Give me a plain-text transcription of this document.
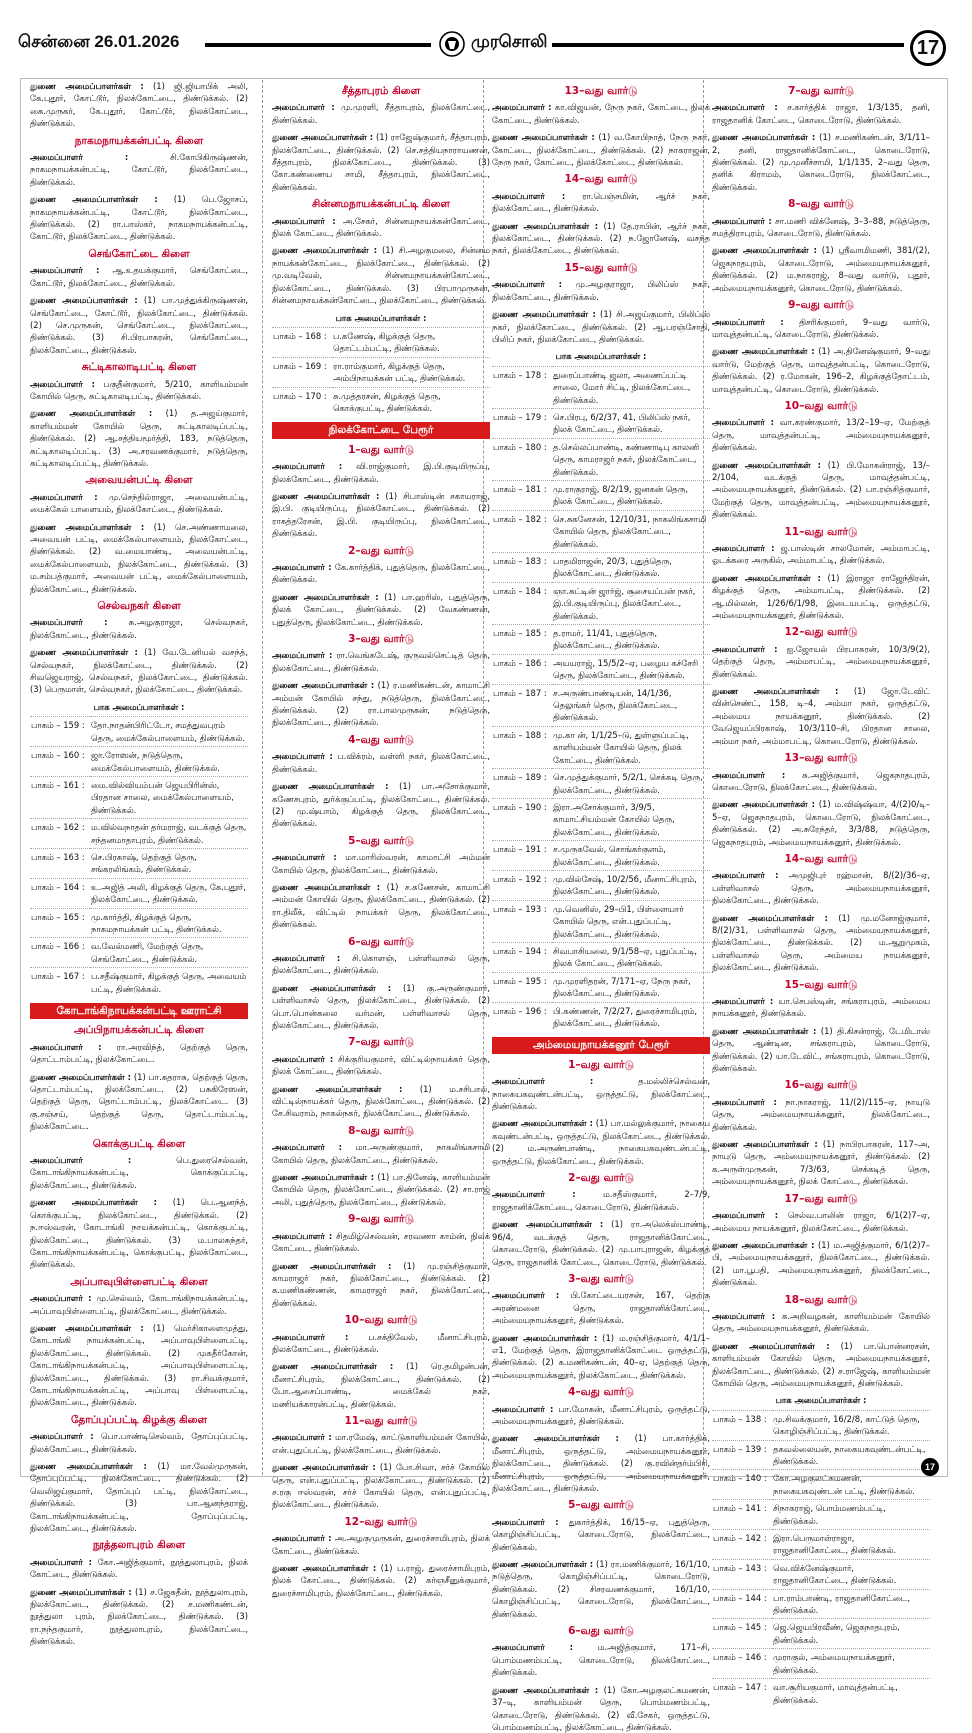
சென்னை 26.01.2026	முரசொலி	17

துணை அமைப்பாளர்கள் : (1) ஜி.ஜியாபிக் அலி, கே.புதூர், கோட்டூர், நிலக்கோட்டை, திண்டுக்கல். (2) கை.முருகர், கே.புதூர், கோட்டூர், நிலக்கோட்டை, திண்டுக்கல்.

நாகமநாயக்கன்பட்டி கிளை

அமைப்பாளர் :	சி.கோபிகிருஷ்ணன், நாகமநாயக்கன்பட்டி, கோட்டூர், நிலக்கோட்டை, திண்டுக்கல்.

துணை அமைப்பாளர்கள் : (1) பெ.ஜோசப், நாகமநாயக்கன்பட்டி, கோட்டூர், நிலக்கோட்டை, திண்டுக்கல். (2) ரா.பாஸ்கர், நாகமநாயக்கன்பட்டி, கோட்டூர், நிலக்கோட்டை, திண்டுக்கல்.

செங்கோட்டை கிளை

அமைப்பாளர் : ஆ.உதயக்குமார், செங்கோட்டை, கோட்டூர், நிலக்கோட்டை, திண்டுக்கல்.

துணை அமைப்பாளர்கள் : (1) பா.முத்துக்கிருஷ்ணன், செங்கோட்டை, கோட்டூர், நிலக்கோட்டை, திண்டுக்கல். (2) செ.முருகன், செங்கோட்டை, நிலக்கோட்டை, திண்டுக்கல். (3) சி.பிரபாகரன், செங்கோட்டை, நிலக்கோட்டை, திண்டுக்கல்.

சுட்டிகாலாடிபட்டி கிளை

அமைப்பாளர் : பகுதீன்குமார், 5/210, காளியம்மன் கோயில் தெரு, சுட்டிகாலடிபட்டி, திண்டுக்கல்.

துணை அமைப்பாளர்கள் : (1) த.அஜய்குமார், காளியம்மன் கோயில் தெரு, சுட்டிகாலடிப்பட்டி, திண்டுக்கல். (2) ஆ.சத்தியமூர்த்தி, 183, நடுத்தெரு, சுட்டிகாலடிப்பட்டி. (3) அ.சரவணக்குமார், நடுத்தெரு, சுட்டிகாலடிப்பட்டி, திண்டுக்கல்.

அவையன்பட்டி கிளை

அமைப்பாளர் : மு.செந்தில்ராஜா, அவையன்பட்டி, மைக்கேல் பாளையம், நிலக்கோட்டை, திண்டுக்கல்.

துணை அமைப்பாளர்கள் : (1) செ.அண்ணாமலை, அவையன் பட்டி, மைக்கேல்பாளையம், நிலக்கோட்டை, திண்டுக்கல். (2) வ.மையாண்டி, அவையன்பட்டி, மைக்கேல்பாளையம், நிலக்கோட்டை, திண்டுக்கல். (3) ம.சம்பத்குமார், அவையன் பட்டி, மைக்கேல்பாளையம், நிலக்கோட்டை, திண்டுக்கல்.

செல்வநகர் கிளை

அமைப்பாளர் :	சு.அழகுராஜா, செல்வநகர், நிலக்கோட்டை, திண்டுக்கல்.

துணை அமைப்பாளர்கள் : (1) வே.டேனியல் வசந்த், செல்வநகர், நிலக்கோட்டை, திண்டுக்கல். (2) சிவஜெயராஜ், செல்வநகர், நிலக்கோட்டை, திண்டுக்கல். (3) பெருமாள், செல்வநகர், நிலக்கோட்டை, திண்டுக்கல்.

பாக அமைப்பாளர்கள் :
பாகம் – 159 :	தோ.நாதன்பிரிட்டோ, சமத்துவபுரம் தெரு, மைக்கேல்பாளையம், திண்டுக்கல்.
பாகம் – 160 :	ஜா.ரோஸன், நடுத்தெரு, மைக்கேல்பாளையம், திண்டுக்கல்.
பாகம் – 161 :	மை.வில்வியம்பன் ஜெயபிரின்ஸ், பிரதான சாலை, மைக்கேல்பாளையம், திண்டுக்கல்.
பாகம் – 162 :	ம.வில்வநாதன் தர்மராஜ், வடக்குத் தெரு, சந்தனமாதாபுரம், திண்டுக்கல்.
பாகம் – 163 :	செ.பிரகாஷ், தெற்குத் தெரு, சங்கரலிங்கம், திண்டுக்கல்.
பாகம் – 164 :	உ.அஜித் அலி, கிழக்குத் தெரு, கே.புதூர், நிலக்கோட்டை, திண்டுக்கல்.
பாகம் – 165 :	மு.கார்த்தி, கிழக்குத் தெரு, நாகமநாயக்கன் பட்டி, திண்டுக்கல்.
பாகம் – 166 :	வ.வேல்மணி, மேற்குத் தெரு, செங்கோட்டை, திண்டுக்கல்.
பாகம் – 167 :	ப.சதீஷ்குமார், கிழக்குத் தெரு, அவையம் பட்டி, திண்டுக்கல்.
கோடாங்கிநாயக்கன்பட்டி ஊராட்சி
அப்பிநாயக்கன்பட்டி கிளை

அமைப்பாளர் : ரா.அரவிந்த், தெற்குத் தெரு, தொட்டாம்பட்டி, நிலக்கோட்டை.

துணை அமைப்பாளர்கள் : (1) பா.கதராசு, தெற்குத் தெரு, தொட்டாம்பட்டி, நிலக்கோட்டை. (2) பசுகிரேஸன், தெற்குத் தெரு, தொட்டாம்பட்டி, நிலக்கோட்டை. (3) கு.சஞ்சய், தெற்குத் தெரு, தொட்டாம்பட்டி, நிலக்கோட்டை.

கொக்குபட்டி கிளை

அமைப்பாளர் :	பெ.துரைசெல்வன், கோடாங்கிநாயக்கன்பட்டி, கொக்குப்பட்டி, நிலக்கோட்டை, திண்டுக்கல்.

துணை அமைப்பாளர்கள் : (1) பெ.ஆனந்த், கொக்குபட்டி, நிலக்கோட்டை, திண்டுக்கல். (2) ந.ஈஸ்வரன், கோடாங்கி நாயக்கன்பட்டி, கொக்குபட்டி, நிலக்கோட்டை, திண்டுக்கல். (3) ம.பாலசுந்தர், கோடாங்கிநாயக்கன்பட்டி, கொக்குபட்டி, நிலக்கோட்டை, திண்டுக்கல்.

அப்பாவுபிள்ளைபட்டி கிளை

அமைப்பாளர் : மு.செல்வம், கோடாங்கிநாயக்கன்பட்டி, அப்பாவுபிள்ளைபட்டி, நிலக்கோட்டை, திண்டுக்கல்.

துணை அமைப்பாளர்கள் : (1) மெர்சிகாளைமுத்து, கோடாங்கி நாயக்கன்பட்டி, அப்பாவுபிள்ளைபட்டி, நிலக்கோட்டை, திண்டுக்கல். (2) முகதீர்கோன், கோடாங்கிநாயக்கன்பட்டி, அப்பாவுபிள்ளைபட்டி, நிலக்கோட்டை, திண்டுக்கல். (3) ரா.சிவக்குமார், கோடாங்கிநாயக்கன்பட்டி, அப்பாவு பிள்ளைபட்டி, நிலக்கோட்டை, திண்டுக்கல்.

தோப்புப்பட்டி கிழக்கு கிளை

அமைப்பாளர் : பொ.பாண்டிசெல்வம், தோப்புப்பட்டி, நிலக்கோட்டை, திண்டுக்கல்.

துணை அமைப்பாளர்கள் : (1) மா.வேல்முருகன், தோப்புப்பட்டி, நிலக்கோட்டை, திண்டுக்கல். (2) வெலிஜய்குமார், தோப்புப் பட்டி, நிலக்கோட்டை, திண்டுக்கல். (3) பா.ஆனந்தராஜ், கோடாங்கிநாயக்கன்பட்டி, தோப்புப்பட்டி, நிலக்கோட்டை, திண்டுக்கல்.

நூத்தலாபுரம் கிளை

அமைப்பாளர் : கோ.அஜித்குமார், நூத்துலாபுரம், நிலக் கோட்டை, திண்டுக்கல்.

துணை அமைப்பாளர்கள் : (1) ச.ஜேசுதீன், நூத்துலாபுரம், நிலக்கோட்டை, திண்டுக்கல். (2) ச.மணிகண்டன், நூத்துலா புரம், நிலக்கோட்டை, திண்டுக்கல். (3) ரா.நந்தகுமார், நூத்துலாபுரம், நிலக்கோட்டை, திண்டுக்கல்.

சீத்தாபுரம் கிளை

அமைப்பாளர் : மு.முரளி, சீத்தாபுரம், நிலக்கோட்டை, திண்டுக்கல்.

துணை அமைப்பாளர்கள் : (1) ராஜேஷ்குமார், சீத்தாபுரம், நிலக்கோட்டை, திண்டுக்கல். (2) செ.சத்தியநாராயணன், சீத்தாபுரம், நிலக்கோட்டை, திண்டுக்கல். (3) கோ.கண்ணைய சாமி, சீத்தாபுரம், நிலக்கோட்டை, திண்டுக்கல்.

சின்னமநாயக்கன்பட்டி கிளை

அமைப்பாளர் : அ.சேகர், சின்னமநாயக்கன்கோட்டை, நிலக் கோட்டை, திண்டுக்கல்.

துணை அமைப்பாளர்கள் : (1) சி.அழகுமலை, சின்னம நாயக்கன்கோட்டை, நிலக்கோட்டை, திண்டுக்கல். (2) மு.வடிவேல், சின்னமநாயக்கன்கோட்டை, நிலக்கோட்டை, திண்டுக்கல். (3) பிரபாமுருகன், சின்னமநாயக்கன்கோட்டை, நிலக்கோட்டை, திண்டுக்கல்.

பாக அமைப்பாளர்கள் :
பாகம் – 168 :	ப.கணேஷ், கிழக்குத் தெரு, தொட்டம்பட்டி, திண்டுக்கல்.
பாகம் – 169 :	ரா.ராம்குமார், கிழக்குத் தெரு, அம்பிநாயக்கன் பட்டி, திண்டுக்கல்.
பாகம் – 170 :	சு.முத்தரசன், கிழக்குத் தெரு, கொக்குபட்டி, திண்டுக்கல்.
நிலக்கோட்டை பேரூர்
1–வது வார்டு

அமைப்பாளர் : வி.ராஜ்குமார், இ.பி.குடியிருப்பு, நிலக்கோட்டை, திண்டுக்கல்.

துணை அமைப்பாளர்கள் : (1) சிபாஸ்டின் சகாயராஜ், இ.பி. குடியிருப்பு, நிலக்கோட்டை, திண்டுக்கல். (2) ராகத்தரேசன், இ.பி. குடியிருப்பு, நிலக்கோட்டை, திண்டுக்கல்.

2–வது வார்டு

அமைப்பாளர் : கே.கார்த்திக், புதுத்தெரு, நிலக்கோட்டை, திண்டுக்கல்.

துணை அமைப்பாளர்கள் : (1) பா.ஹரிஸ், புதுத்தெரு, நிலக் கோட்டை, திண்டுக்கல். (2) வேகண்ணன், புதுத்தெரு, நிலக்கோட்டை, திண்டுக்கல்.

3–வது வார்டு

அமைப்பாளர் : ரா.வெங்கடேஷ், குருவல்செட்டித் தெரு, நிலக்கோட்டை, திண்டுக்கல்.

துணை அமைப்பாளர்கள் : (1) ர.மணிகண்டன், காமாட்சி அம்மன் கோயில் சந்து, நடுத்தெரு, நிலக்கோட்டை, திண்டுக்கல். (2) ரா.பாலமுருகன், நடுத்தெரு, நிலக்கோட்டை, திண்டுக்கல்.

4–வது வார்டு

அமைப்பாளர் : ப.விக்ரம், வள்ளி நகர், நிலக்கோட்டை, திண்டுக்கல்.

துணை அமைப்பாளர்கள் : (1) பா.அசோக்குமார், கணேசபுரம், துர்க்குப்பட்டி, நிலக்கோட்டை, திண்டுக்கல். (2) மு.ஷ்யாம், கிழக்குத் தெரு, நிலக்கோட்டை, திண்டுக்கல்.

5–வது வார்டு

அமைப்பாளர் : மா.மாரிஸ்வரன், காமாட்சி அம்மன் கோயில் தெரு, நிலக்கோட்டை, திண்டுக்கல்.

துணை அமைப்பாளர்கள் : (1) ச.கணேசன், காமாட்சி அம்மன் கோயில் தெரு, நிலக்கோட்டை, திண்டுக்கல். (2) ரா.திலீக், விட்டில் நாயக்கர் தெரு, நிலக்கோட்டை, திண்டுக்கல்.

6–வது வார்டு

அமைப்பாளர் : சி.கொளஞ், பள்ளிவாசல் தெரு, நிலக்கோட்டை, திண்டுக்கல்.

துணை அமைப்பாளர்கள் : (1) கு.அருண்குமார், பள்ளிவாசல் தெரு, நிலக்கோட்டை, திண்டுக்கல். (2) பொ.பொன்கலை வர்மன், பள்ளிவாசல் தெரு, நிலக்கோட்டை, திண்டுக்கல்.

7–வது வார்டு

அமைப்பாளர் : சிக்குரியகுமார், விட்டில்நாயக்கர் தெரு, நிலக் கோட்டை, திண்டுக்கல்.

துணை அமைப்பாளர்கள் : (1) ம.சசிபால், விட்டில்நாயக்கர் தெரு, நிலக்கோட்டை, திண்டுக்கல். (2) சே.சிவராம், நாகல்நகர், நிலக்கோட்டை, திண்டுக்கல்.

8–வது வார்டு

அமைப்பாளர் : மா.அருண்குமார், நாகலிங்கசாமி கோயில் தெரு, நிலக்கோட்டை, திண்டுக்கல்.

துணை அமைப்பாளர்கள் : (1) பா.தினேஷ், காளியம்மன் கோயில் தெரு, நிலக்கோட்டை, திண்டுக்கல். (2) சா.ராஜ் அலி, புதுத்தெரு, நிலக்கோட்டை, திண்டுக்கல்.

9–வது வார்டு

அமைப்பாளர் : சிதமிழ்செல்வன், சரவணா காம்ன், நிலக் கோட்டை, திண்டுக்கல்.

துணை அமைப்பாளர்கள் : (1) மு.ரஞ்சித்குமார், காமராஜர் நகர், நிலக்கோட்டை, திண்டுக்கல். (2) க.மணிகண்ணன், காமராஜர் நகர், நிலக்கோட்டை, திண்டுக்கல்.

10–வது வார்டு

அமைப்பாளர் : ப.சக்திவேல், மீனாட்சிபுரம், நிலக்கோட்டை, திண்டுக்கல்.

துணை அமைப்பாளர்கள் : (1) ரெ.தமிழன்பன், மீனாட்சிபுரம், நிலக்கோட்டை, திண்டுக்கல். (2) போ.ஆசைப்பாண்டி, மைக்கேல் நகர், மணியக்காரன்பட்டி, திண்டுக்கல்.

11–வது வார்டு

அமைப்பாளர் : மா.ரமேஷ், காட்டுகாளியம்மன் கோயில், என்.புதுப்பட்டி, நிலக்கோட்டை, திண்டுக்கல்.

துணை அமைப்பாளர்கள் : (1) போ.சிவா, சர்ச் கோயில் தெரு, என்.புதுப்பட்டி, நிலக்கோட்டை, திண்டுக்கல். (2) ச.ரகு ஈஸ்வரன், சர்ச் கோயில் தெரு, என்.புதுப்பட்டி, நிலக்கோட்டை, திண்டுக்கல்.

12–வது வார்டு

அமைப்பாளர் : அ.அழகுமுருகன், துரைச்சாமிபுரம், நிலக் கோட்டை, திண்டுக்கல்.

துணை அமைப்பாளர்கள் : (1) ப.ராஜ், துரைச்சாமிபுரம், நிலக் கோட்டை, திண்டுக்கல். (2) கர்ஞசீனுக்குமார், துரைச்சாமிபுரம், நிலக்கோட்டை, திண்டுக்கல்.

13–வது வார்டு

அமைப்பாளர் : கா.விஜயன், நேரு நகர், கோட்டை, நிலக் கோட்டை, திண்டுக்கல்.

துணை அமைப்பாளர்கள் : (1) வ.கோபிநாத், நேரு நகர், கோட்டை, நிலக்கோட்டை, திண்டுக்கல். (2) நாகராஜன், நேரு நகர், கோட்டை, நிலக்கோட்டை, திண்டுக்கல்.

14–வது வார்டு

அமைப்பாளர் : ரா.பெஞ்சமின், ஆர்ச் நகர், நிலக்கோட்டை, திண்டுக்கல்.

துணை அமைப்பாளர்கள் : (1) தே.ராபின், ஆர்ச் நகர், நிலக்கோட்டை, திண்டுக்கல். (2) ந.ஜோனேஷ், வசந்த நகர், நிலக்கோட்டை, திண்டுக்கல்.

15–வது வார்டு

அமைப்பாளர் : மு.அழகுராஜா, பிலிப்ஸ் நகர், நிலக்கோட்டை, திண்டுக்கல்.

துணை அமைப்பாளர்கள் : (1) சி.அஜய்குமார், பிலிப்ஸ் நகர், நிலக்கோட்டை, திண்டுக்கல். (2) ஆ.பரஞ்சோதி, பிலிப் நகர், நிலக்கோட்டை, திண்டுக்கல்.

பாக அமைப்பாளர்கள் :
பாகம் – 178 :	துரைப்பாண்டி ஜலா, அணைப்பட்டி சாலை, மோர் சிட்டி, நிலக்கோட்டை, திண்டுக்கல்.
பாகம் – 179 :	செ.பிரபு, 6/2/37, 41, பிலிப்ஸ் நகர், நிலக் கோட்டை, திண்டுக்கல்.
பாகம் – 180 :	த.செல்லப்பாண்டி, கண்ணாடிபு காலனி தெரு, காமராஜர் நகர், நிலக்கோட்டை, திண்டுக்கல்.
பாகம் – 181 :	மு.ராகுராஜ், 8/2/19, ஜனகன் தெரு, நிலக் கோட்டை, திண்டுக்கல்.
பாகம் – 182 :	செ.சுகனேசன், 12/10/31, நாகலிங்கசாமி கோயில் தெரு, நிலக்கோட்டை, திண்டுக்கல்.
பாகம் – 183 :	பாதமிராஜன், 20/3, புதுத்தெரு, நிலக்கோட்டை, திண்டுக்கல்.
பாகம் – 184 :	ஞா.சுட்டின் ஜார்ஜ், சூசையப்பன் நகர், இ.பி.குடியிருப்பு, நிலக்கோட்டை, திண்டுக்கல்.
பாகம் – 185 :	த.ராமர், 11/41, புதுத்தெரு, நிலக்கோட்டை, திண்டுக்கல்.
பாகம் – 186 :	அயயராஜ், 15/5/2–ஏ, பழைய கச்சேரி தெரு, நிலக்கோட்டை, திண்டுக்கல்.
பாகம் – 187 :	ச.அருண்பாண்டியன், 14/1/36, தெலுங்கர் தெரு, நிலக்கோட்டை, திண்டுக்கல்.
பாகம் – 188 :	மு.கா ன், 1/1/25–டு, துள்ளுப்பட்டி, காளியம்மன் கோயில் தெரு, நிலக் கோட்டை, திண்டுக்கல்.
பாகம் – 189 :	செ.முத்துக்குமார், 5/2/1, செக்கடி தெரு, நிலக்கோட்டை, திண்டுக்கல்.
பாகம் – 190 :	இரா.அசோக்குமார், 3/9/5, காமாட்சியம்மன் கோயில் தெரு, நிலக்கோட்டை, திண்டுக்கல்.
பாகம் – 191 :	ச.முருகவேல், சொங்கர்குளம், நிலக்கோட்டை, திண்டுக்கல்.
பாகம் – 192 :	மு.வில்சேஷ், 10/2/56, மீனாட்சிபுரம், நிலக்கோட்டை, திண்டுக்கல்.
பாகம் – 193 :	மு.வெனிஸ், 29–பி1, பிள்ளையார் கோயில் தெரு, என்.புதுப்பட்டி, நிலக்கோட்டை, திண்டுக்கல்.
பாகம் – 194 :	சிவபாசியலை, 9/1/58–ஏ, புதுப்பட்டி, நிலக் கோட்டை, திண்டுக்கல்.
பாகம் – 195 :	மு.முரளிதரன், 7/171–ஏ, நேரு நகர், நிலக்கோட்டை, திண்டுக்கல்.
பாகம் – 196 :	பி.கண்ணன், 7/2/27, துரைச்சாமிபுரம், நிலக்கோட்டை, திண்டுக்கல்.
அம்மையநாயக்கனூர் பேரூர்
1–வது வார்டு

அமைப்பாளர் :	த.மல்லிச்செல்வன், நாகையகவுண்டன்பட்டி, ஒருத்தட்டு, நிலக்கோட்டை, திண்டுக்கல்.

துணை அமைப்பாளர்கள் : (1) பா.மல்லுக்குமார், நாகைய கவுண்டன்பட்டி, ஒருத்தட்டு, நிலக்கோட்டை, திண்டுக்கல். (2) ம.அருண்பாண்டி, நாகையகவுண்டன்பட்டி, ஒருத்தட்டு, நிலக்கோட்டை, திண்டுக்கல்.

2–வது வார்டு

அமைப்பாளர் :	ம.சதீஸ்குமார், 2–7/9, ராஜதானிக்கோட்டை, கொடைரோடு, திண்டுக்கல்.

துணை அமைப்பாளர்கள் : (1) ரா.அலெக்ஸ்பாண்டி, 96/4, வடக்குத் தெரு, ராஜதானிக்கோட்டை, கொடைரோடு, திண்டுக்கல். (2) மு.பாபுராஜன், கிழக்குத் தெரு, ராஜதானிக் கோட்டை, கொடைரோடு, திண்டுக்கல்.

3–வது வார்டு

அமைப்பாளர் : பி.கோட்டையரசன், 167, தெற்கு அரண்மனை தெரு, ராஜதானிக்கோட்டை, அம்மையநாயக்கனூர், திண்டுக்கல்.

துணை அமைப்பாளர்கள் : (1) ம.ரஞ்சித்குமார், 4/1/1–எ1, மேற்குத் தெரு, இராஜதானிக்கோட்டை ஒருத்தட்டு, திண்டுக்கல். (2) க.மணிகண்டன், 40–ஏ, தெற்குத் தெரு, அம்மையநாயக்கனூர், நிலக்கோட்டை, திண்டுக்கல்.

4–வது வார்டு

அமைப்பாளர் : பா.மோகன், மீனாட்சிபுரம், ஒருத்தட்டு, அம்மையநாயக்கனூர், திண்டுக்கல்.

துணை அமைப்பாளர்கள் : (1) பா.கார்த்திக், மீனாட்சிபுரம், ஒருத்தட்டு, அம்மையநாயக்கனூர், நிலக்கோட்டை, திண்டுக்கல். (2) கு.ரவின்தர்ம்பிரி, மீனாட்சிபுரம், ஒருத்தட்டு, அம்மையநாயக்கனூர், நிலக்கோட்டை, திண்டுக்கல்.

5–வது வார்டு

அமைப்பாளர் : துகார்த்திக், 16/15–ஏ, புதுத்தெரு, கொழிஞ்சிப்பட்டி, கொடைரோடு, நிலக்கோட்டை, திண்டுக்கல்.

துணை அமைப்பாளர்கள் : (1) ரா.மணிக்குமார், 16/1/10, நடுத்தெரு, கொழிஞ்சிப்பட்டி, கொடைரோடு, திண்டுக்கல். (2) சிசரவணக்குமார், 16/1/10, கொழிஞ்சிப்பட்டி, கொடைரோடு, நிலக்கோட்டை, திண்டுக்கல்.

6–வது வார்டு

அமைப்பாளர் :	ம.அஜித்குமார், 171–சி, பொம்மணம்பட்டி, கொடைரோடு, நிலக்கோட்டை, திண்டுக்கல்.

துணை அமைப்பாளர்கள் : (1) கோ.அழகுலட்சுமணன், 37–டி, காளியம்மன் தெரு, பொம்மணம்பட்டி, கொடைரோடு, திண்டுக்கல். (2) வீ.சேகர், ஒருத்தட்டு, பொம்மணம்பட்டி, நிலக்கோட்டை, திண்டுக்கல்.

7–வது வார்டு

அமைப்பாளர் : ச.கார்த்திக் ராஜா, 1/3/135, தனி, ராஜதானிக் கோட்டை, கொடைரோடு, திண்டுக்கல்.

துணை அமைப்பாளர்கள் : (1) ச.மணிகண்டன், 3/1/11–2, தனி, ராஜதானிக்கோட்டை, கொடைரோடு, திண்டுக்கல். (2) மு.முனீச்சாமி, 1/1/135, 2–வது தெரு, தனிக் கிராமம், கொடைரோடு, நிலக்கோட்டை, திண்டுக்கல்.

8–வது வார்டு

அமைப்பாளர் : சா.மணி விக்னேஷ், 3–3–88, நடுத்தெரு, சமத்திராபுரம், கொடைரோடு, திண்டுக்கல்.

துணை அமைப்பாளர்கள் : (1) ஸ்ரீவாமிமணி, 381/(2), ஜெகநாதபுரம், கொடைரோடு, அம்மையநாயக்கனூர், திண்டுக்கல். (2) ம.நாகராஜ், 8–வது வார்டு, புதூர், அம்மையநாயக்கனூர், கொடைரோடு, திண்டுக்கல்.

9–வது வார்டு

அமைப்பாளர் : திசரிக்குமார், 9–வது வார்டு, மாவுத்தன்பட்டி, கொடைரோடு, திண்டுக்கல்.

துணை அமைப்பாளர்கள் : (1) அ.தினேஷ்குமார், 9–வது வார்டு, மேற்குத் தெரு, மாவுத்தன்பட்டி, கொடைரோடு, திண்டுக்கல். (2) ர.மோகன், 196–2, கிழக்குத்தோட்டம், மாவுத்தன்பட்டி, கொடைரோடு, திண்டுக்கல்.

10–வது வார்டு

அமைப்பாளர் : வா.கரண்குமார், 13/2–19–ஏ, மேற்குத் தெரு, மாவுத்தன்பட்டி, அம்மையநாயக்கனூர், திண்டுக்கல்.

துணை அமைப்பாளர்கள் : (1) பி.மோகன்ராஜ், 13/–2/104, வடக்குத் தெரு, மாவுத்தன்பட்டி, அம்மையநாயக்கனூர், திண்டுக்கல். (2) பா.ரஞ்சித்குமார், மேற்குத் தெரு, மாவுத்தன்பட்டி, அம்மையநாயக்கனூர், திண்டுக்கல்.

11–வது வார்டு

அமைப்பாளர் : ஜ.பாஸ்டின் சாலமோன், அம்மாபட்டி, ஓடக்கரை அருகில், அம்மாபட்டி, திண்டுக்கல்.

துணை அமைப்பாளர்கள் : (1) இராஜா ராஜேந்திரன், கிழக்குத் தெரு, அம்மாபட்டி, திண்டுக்கல். (2) ஆ.மில்லன், 1/26/6/1/98, இடையபட்டி, ஒருத்தட்டு, அம்மையநாயக்கனூர், திண்டுக்கல்.

12–வது வார்டு

அமைப்பாளர் : ஐ.ஜோயல் பிரபாகரன், 10/3/9(2), தெற்குத் தெரு, அம்மாபட்டி, அம்மையநாயக்கனூர், திண்டுக்கல்.

துணை அமைப்பாளர்கள் : (1) ஜோ.டேவிட் வின்செண்ட், 158, டி–4, அம்மா நகர், ஒருத்தட்டு, அம்மைய நாயக்கனூர், திண்டுக்கல். (2) வேஜெயப்பிரகாஷ், 10/3/110–சி, பிரதான சாலை, அம்மா நகர், அம்மாபட்டி, கொடைரோடு, திண்டுக்கல்.

13–வது வார்டு

அமைப்பாளர் : சு.அஜித்குமார், ஜெகநாதபுரம், கொடைரோடு, நிலக்கோட்டை, திண்டுக்கல்.

துணை அமைப்பாளர்கள் : (1) ம.விஷ்ஷ்வா, 4/(2)0/டி–5–ஏ, ஜெகநாதபுரம், கொடைரோடு, நிலக்கோட்டை, திண்டுக்கல். (2) அ.சுரேந்தர், 3/3/88, நடுத்தெரு, ஜெகநாதபுரம், அம்மையநாயக்கனூர், திண்டுக்கல்.

14–வது வார்டு

அமைப்பாளர் : அமுஜிபுர் ரஹ்மான், 8/(2)/36–ஏ, பள்ளிவாசல் தெரு, அம்மையநாயக்கனூர், நிலக்கோட்டை, திண்டுக்கல்.

துணை அமைப்பாளர்கள் : (1) மு.மனோஜ்குமார், 8/(2)/31, பள்ளிவாசல் தெரு, அம்மையநாயக்கனூர், நிலக்கோட்டை, திண்டுக்கல். (2) ம.ஆறுமுகம், பள்ளிவாசல் தெரு, அம்மைய நாயக்கனூர், நிலக்கோட்டை, திண்டுக்கல்.

15–வது வார்டு

அமைப்பாளர் : யா.செபஸ்டின், சங்கராபுரம், அம்மைய நாயக்கனூர், திண்டுக்கல்.

துணை அமைப்பாளர்கள் : (1) தி.கிசன்ராஜ், டேமிடாஸ் தெரு, ஆண்டின, சங்கராபுரம், கொடைரோடு, திண்டுக்கல். (2) யா.டேவிட், சங்கராபுரம், கொடைரோடு, திண்டுக்கல்.

16–வது வார்டு

அமைப்பாளர் : நா.நாகராஜ், 11/(2)/115–ஏ, நாயுடு தெரு, அம்மையநாயக்கனூர், நிலக்கோட்டை, திண்டுக்கல்.

துணை அமைப்பாளர்கள் : (1) நாபிரபாகரன், 117–அ, நாயுடு தெரு, அம்மையநாயக்கனூர், திண்டுக்கல். (2) க.அருள்முருகன், 7/3/63, செக்கடித் தெரு, அம்மையநாயக்கனூர், நிலக் கோட்டை, திண்டுக்கல்.

17–வது வார்டு

அமைப்பாளர் : செல்வ.பாலின் ராஜா, 6/1(2)7–ஏ, அம்மைய நாயக்கனூர், நிலக்கோட்டை, திண்டுக்கல்.

துணை அமைப்பாளர்கள் : (1) ம.அஜித்குமார், 6/1(2)7–பி, அம்மையநாயக்கனூர், நிலக்கோட்டை, திண்டுக்கல். (2) மா.பூபதி, அம்மையநாயக்கனூர், நிலக்கோட்டை, திண்டுக்கல்.

18–வது வார்டு

அமைப்பாளர் : க.அறிவழகன், காளியம்மன் கோயில் தெரு, அம்மையநாயக்கனூர், திண்டுக்கல்.

துணை அமைப்பாளர்கள் : (1) பா.பொன்னரசன், காளியம்மன் கோயில் தெரு, அம்மையநாயக்கனூர், நிலக்கோட்டை, திண்டுக்கல். (2) ச.ராஜேஷ், காளியம்மன் கோயில் தெரு, அம்மையநாயக்கனூர், திண்டுக்கல்.

பாக அமைப்பாளர்கள் :
பாகம் – 138 :	மு.சிவக்குமார், 16/2/8, காட்டுத் தெரு, கொழிஞ்சிப்பட்டி, திண்டுக்கல்.
பாகம் – 139 :	தகவல்லையன், நாகையகவுண்டன்பட்டி, திண்டுக்கல்.
பாகம் – 140 :	கோ.அழகுலட்சுமணன், நாகையகவுண்டன் பட்டி, திண்டுக்கல்.
பாகம் – 141 :	சிநாகராஜ், பொம்மணம்பட்டி, திண்டுக்கல்.
பாகம் – 142 :	இரா.பெருமாள்ராஜா, ராஜதானிகோட்டை, திண்டுக்கல்.
பாகம் – 143 :	வெ.விக்னேஷ்குமார், ராஜதானிகோட்டை, திண்டுக்கல்.
பாகம் – 144 :	பா.ராம்பாண்டி, ராஜதானிகோட்டை, திண்டுக்கல்.
பாகம் – 145 :	ஜெ.ஜெயபிரவீண், ஜெகநாதபுரம், திண்டுக்கல்.
பாகம் – 146 :	முராகுல், அம்மையநாயக்கனூர், திண்டுக்கல்.
பாகம் – 147 :	வா.சூரியகுமார், மாவுத்தன்பட்டி, திண்டுக்கல்.
17
